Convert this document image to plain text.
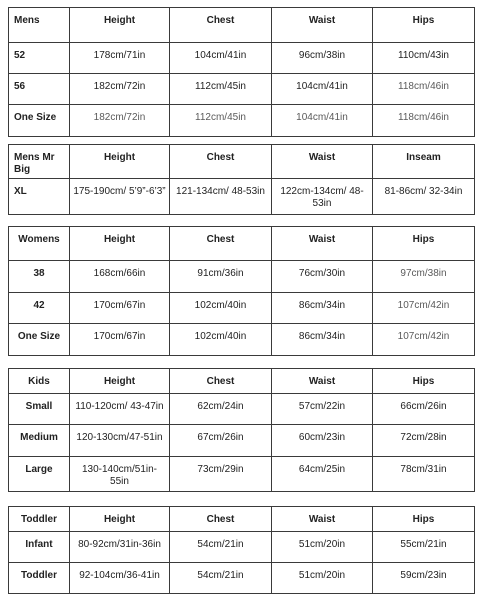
Mens	Height	Chest	Waist	Hips
52	178cm/71in	104cm/41in	96cm/38in	110cm/43in
56	182cm/72in	112cm/45in	104cm/41in	118cm/46in
One Size	182cm/72in	112cm/45in	104cm/41in	118cm/46in
Mens Mr Big	Height	Chest	Waist	Inseam
XL	175-190cm/ 5’9”-6’3”	121-134cm/ 48-53in	122cm-134cm/ 48-53in	81-86cm/ 32-34in
Womens	Height	Chest	Waist	Hips
38	168cm/66in	91cm/36in	76cm/30in	97cm/38in
42	170cm/67in	102cm/40in	86cm/34in	107cm/42in
One Size	170cm/67in	102cm/40in	86cm/34in	107cm/42in
Kids	Height	Chest	Waist	Hips
Small	110-120cm/ 43-47in	62cm/24in	57cm/22in	66cm/26in
Medium	120-130cm/47-51in	67cm/26in	60cm/23in	72cm/28in
Large	130-140cm/51in-55in	73cm/29in	64cm/25in	78cm/31in
Toddler	Height	Chest	Waist	Hips
Infant	80-92cm/31in-36in	54cm/21in	51cm/20in	55cm/21in
Toddler	92-104cm/36-41in	54cm/21in	51cm/20in	59cm/23in
